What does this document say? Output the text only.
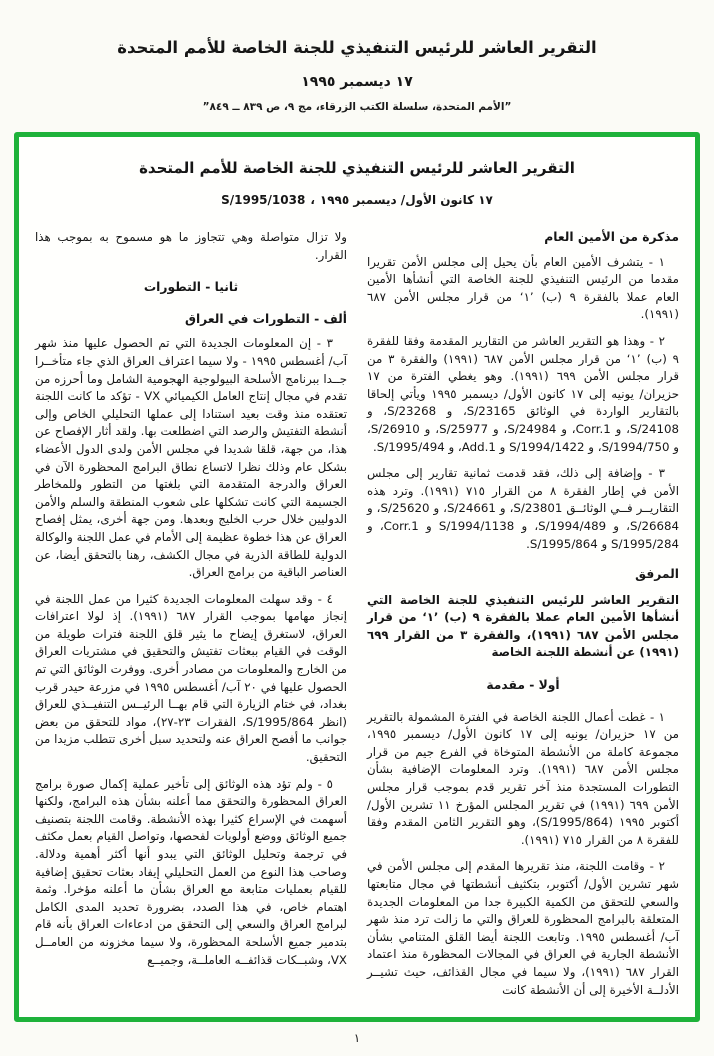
التقرير العاشر للرئيس التنفيذي للجنة الخاصة للأمم المتحدة
١٧ ديسمبر ١٩٩٥
”الأمم المتحدة، سلسلة الكتب الزرقاء، مج ٩، ص ٨٣٩ ــ ٨٤٩”
التقرير العاشر للرئيس التنفيذي للجنة الخاصة للأمم المتحدة
S/1995/1038 ، ١٧ كانون الأول/ ديسمبر ١٩٩٥
مذكرة من الأمين العام

١ - يتشرف الأمين العام بأن يحيل إلى مجلس الأمن تقريرا مقدما من الرئيس التنفيذي للجنة الخاصة التي أنشأها الأمين العام عملا بالفقرة ٩ (ب) ’١‘ من قرار مجلس الأمن ٦٨٧ (١٩٩١).

٢ - وهذا هو التقرير العاشر من التقارير المقدمة وفقا للفقرة ٩ (ب) ’١‘ من قرار مجلس الأمن ٦٨٧ (١٩٩١) والفقرة ٣ من قرار مجلس الأمن ٦٩٩ (١٩٩١). وهو يغطي الفترة من ١٧ حزيران/ يونيه إلى ١٧ كانون الأول/ ديسمبر ١٩٩٥ ويأتي إلحاقا بالتقارير الواردة في الوثائق S/23165، و S/23268، و S/24108، و Corr.1، و S/24984، و S/25977، و S/26910، و S/1994/750، و S/1994/1422 و Add.1، و S/1995/494.

٣ - وإضافة إلى ذلك، فقد قدمت ثمانية تقارير إلى مجلس الأمن في إطار الفقرة ٨ من القرار ٧١٥ (١٩٩١). وترد هذه التقاريــر فــي الوثائــق S/23801، و S/24661، و S/25620، و S/26684، و S/1994/489، و S/1994/1138 و Corr.1، و S/1995/284 و S/1995/864.

المرفق

التقرير العاشر للرئيس التنفيذي للجنة الخاصة التي أنشأها الأمين العام عملا بالفقرة ٩ (ب) ’١‘ من قرار مجلس الأمن ٦٨٧ (١٩٩١)، والفقرة ٣ من القرار ٦٩٩ (١٩٩١) عن أنشطة اللجنة الخاصة

أولا - مقدمة

١ - غطت أعمال اللجنة الخاصة في الفترة المشمولة بالتقرير من ١٧ حزيران/ يونيه إلى ١٧ كانون الأول/ ديسمبر ١٩٩٥، مجموعة كاملة من الأنشطة المتوخاة في الفرع جيم من قرار مجلس الأمن ٦٨٧ (١٩٩١). وترد المعلومات الإضافية بشأن التطورات المستجدة منذ آخر تقرير قدم بموجب قرار مجلس الأمن ٦٩٩ (١٩٩١) في تقرير المجلس المؤرخ ١١ تشرين الأول/ أكتوبر ١٩٩٥ (S/1995/864)، وهو التقرير الثامن المقدم وفقا للفقرة ٨ من القرار ٧١٥ (١٩٩١).

٢ - وقامت اللجنة، منذ تقريرها المقدم إلى مجلس الأمن في شهر تشرين الأول/ أكتوبر، بتكثيف أنشطتها في مجال متابعتها والسعي للتحقق من الكمية الكبيرة جدا من المعلومات الجديدة المتعلقة بالبرامج المحظورة للعراق والتي ما زالت ترد منذ شهر آب/ أغسطس ١٩٩٥. وتابعت اللجنة أيضا القلق المتنامي بشأن الأنشطة الجارية في العراق في المجالات المحظورة منذ اعتماد القرار ٦٨٧ (١٩٩١)، ولا سيما في مجال القذائف، حيث تشيــر الأدلــة الأخيرة إلى أن الأنشطة كانت

ولا تزال متواصلة وهي تتجاوز ما هو مسموح به بموجب هذا القرار.

ثانيا - التطورات
ألف - التطورات في العراق

٣ - إن المعلومات الجديدة التي تم الحصول عليها منذ شهر آب/ أغسطس ١٩٩٥ - ولا سيما اعتراف العراق الذي جاء متأخــرا جــدا ببرنامج الأسلحة البيولوجية الهجومية الشامل وما أحرزه من تقدم في مجال إنتاج العامل الكيميائي VX - تؤكد ما كانت اللجنة تعتقده منذ وقت بعيد استنادا إلى عملها التحليلي الخاص وإلى أنشطة التفتيش والرصد التي اضطلعت بها. ولقد أثار الإفصاح عن هذا، من جهة، قلقا شديدا في مجلس الأمن ولدى الدول الأعضاء بشكل عام وذلك نظرا لاتساع نطاق البرامج المحظورة الآن في العراق والدرجة المتقدمة التي بلغتها من التطور وللمخاطر الجسيمة التي كانت تشكلها على شعوب المنطقة والسلم والأمن الدوليين خلال حرب الخليج وبعدها. ومن جهة أخرى، يمثل إفصاح العراق عن هذا خطوة عظيمة إلى الأمام في عمل اللجنة والوكالة الدولية للطاقة الذرية في مجال الكشف، رهنا بالتحقق أيضا، عن العناصر الباقية من برامج العراق.

٤ - وقد سهلت المعلومات الجديدة كثيرا من عمل اللجنة في إنجاز مهامها بموجب القرار ٦٨٧ (١٩٩١). إذ لولا اعترافات العراق، لاستغرق إيضاح ما يثير قلق اللجنة فترات طويلة من الوقت في القيام ببعثات تفتيش والتحقيق في مشتريات العراق من الخارج والمعلومات من مصادر أخرى. ووفرت الوثائق التي تم الحصول عليها في ٢٠ آب/ أغسطس ١٩٩٥ في مزرعة حيدر قرب بغداد، في ختام الزيارة التي قام بهــا الرئيــس التنفيــذي للعراق (انظر S/1995/864، الفقرات ٢٣-٢٧)، مواد للتحقق من بعض جوانب ما أفصح العراق عنه ولتحديد سبل أخرى تتطلب مزيدا من التحقيق.

٥ - ولم تؤد هذه الوثائق إلى تأخير عملية إكمال صورة برامج العراق المحظورة والتحقق مما أعلنه بشأن هذه البرامج، ولكنها أسهمت في الإسراع كثيرا بهذه الأنشطة. وقامت اللجنة بتصنيف جميع الوثائق ووضع أولويات لفحصها، وتواصل القيام بعمل مكثف في ترجمة وتحليل الوثائق التي يبدو أنها أكثر أهمية ودلالة. وصاحب هذا النوع من العمل التحليلي إيفاد بعثات تحقيق إضافية للقيام بعمليات متابعة مع العراق بشأن ما أعلنه مؤخرا. وثمة اهتمام خاص، في هذا الصدد، بضرورة تحديد المدى الكامل لبرامج العراق والسعي إلى التحقق من ادعاءات العراق بأنه قام بتدمير جميع الأسلحة المحظورة، ولا سيما مخزونه من العامــل VX، وشبــكات قذائفــه العاملــة، وجميــع

١
